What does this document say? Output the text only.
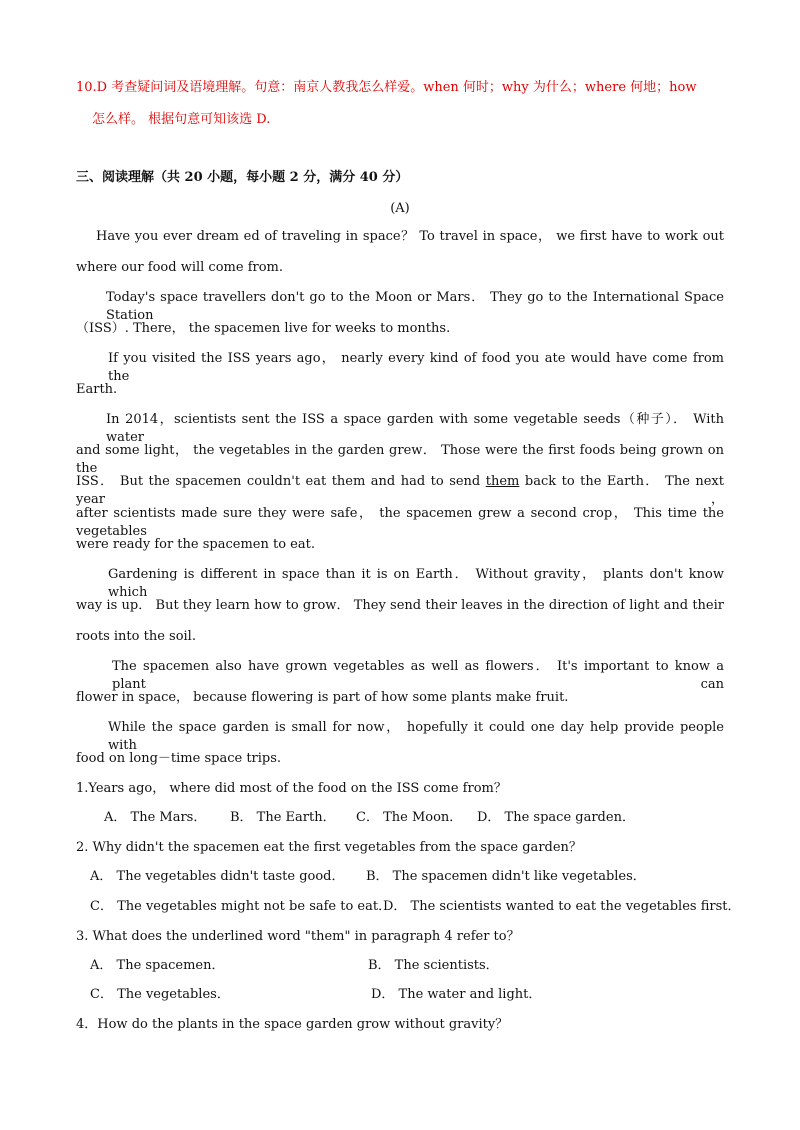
10.D 考查疑问词及语境理解。句意：南京人教我怎么样爱。when 何时；why 为什么；where 何地；how
怎么样。 根据句意可知该选 D.
三、阅读理解（共 20 小题，每小题 2 分，满分 40 分）
(A)
Have you ever dream ed of traveling in space？ To travel in space， we first have to work out
where our food will come from.
Today's space travellers don't go to the Moon or Mars． They go to the International Space Station
（ISS）. There， the spacemen live for weeks to months.
If you visited the ISS years ago， nearly every kind of food you ate would have come from the
Earth.
In 2014，scientists sent the ISS a space garden with some vegetable seeds（种子）． With water
and some light， the vegetables in the garden grew． Those were the first foods being grown on the
ISS． But the spacemen couldn't eat them and had to send them back to the Earth． The next year，
after scientists made sure they were safe， the spacemen grew a second crop， This time the vegetables
were ready for the spacemen to eat.
Gardening is different in space than it is on Earth． Without gravity， plants don't know which
way is up． But they learn how to grow． They send their leaves in the direction of light and their
roots into the soil.
The spacemen also have grown vegetables as well as flowers． It's important to know a plant can
flower in space， because flowering is part of how some plants make fruit.
While the space garden is small for now， hopefully it could one day help provide people with
food on long－time space trips.
1.Years ago， where did most of the food on the ISS come from？
A． The Mars． B． The Earth． C． The Moon． D． The space garden．
2. Why didn't the spacemen eat the first vegetables from the space garden？
A． The vegetables didn't taste good． B． The spacemen didn't like vegetables．
C． The vegetables might not be safe to eat．
D． The scientists wanted to eat the vegetables first．
3. What does the underlined word "them" in paragraph 4 refer to？
A． The spacemen．	B． The scientists．
C． The vegetables．	D． The water and light．
4．How do the plants in the space garden grow without gravity？
